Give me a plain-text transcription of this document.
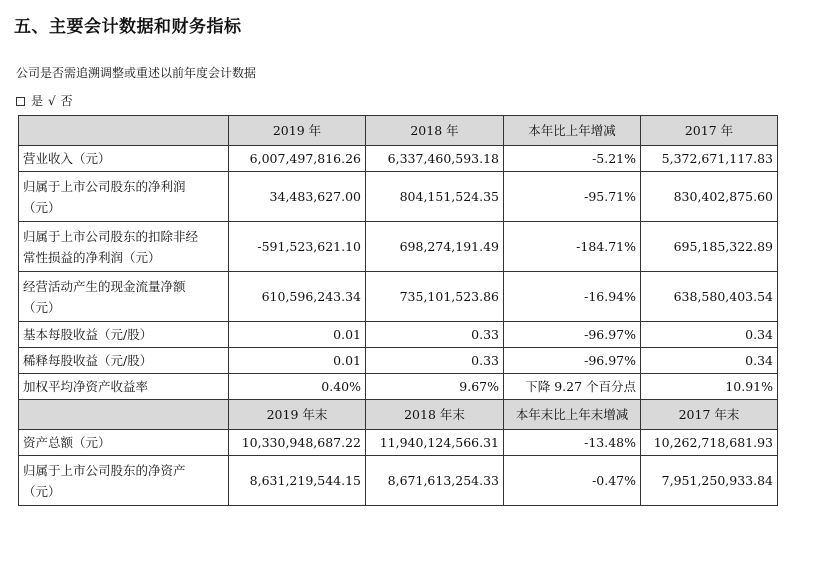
五、主要会计数据和财务指标
公司是否需追溯调整或重述以前年度会计数据
是 √ 否
	2019 年	2018 年	本年比上年增减	2017 年

营业收入（元）	6,007,497,816.26	6,337,460,593.18	-5.21%	5,372,671,117.83

归属于上市公司股东的净利润
（元）	34,483,627.00	804,151,524.35	-95.71%	830,402,875.60

归属于上市公司股东的扣除非经
常性损益的净利润（元）	-591,523,621.10	698,274,191.49	-184.71%	695,185,322.89

经营活动产生的现金流量净额
（元）	610,596,243.34	735,101,523.86	-16.94%	638,580,403.54

基本每股收益（元/股）	0.01	0.33	-96.97%	0.34

稀释每股收益（元/股）	0.01	0.33	-96.97%	0.34

加权平均净资产收益率	0.40%	9.67%	下降 9.27 个百分点	10.91%
	2019 年末	2018 年末	本年末比上年末增减	2017 年末

资产总额（元）	10,330,948,687.22	11,940,124,566.31	-13.48%	10,262,718,681.93

归属于上市公司股东的净资产
（元）	8,631,219,544.15	8,671,613,254.33	-0.47%	7,951,250,933.84
